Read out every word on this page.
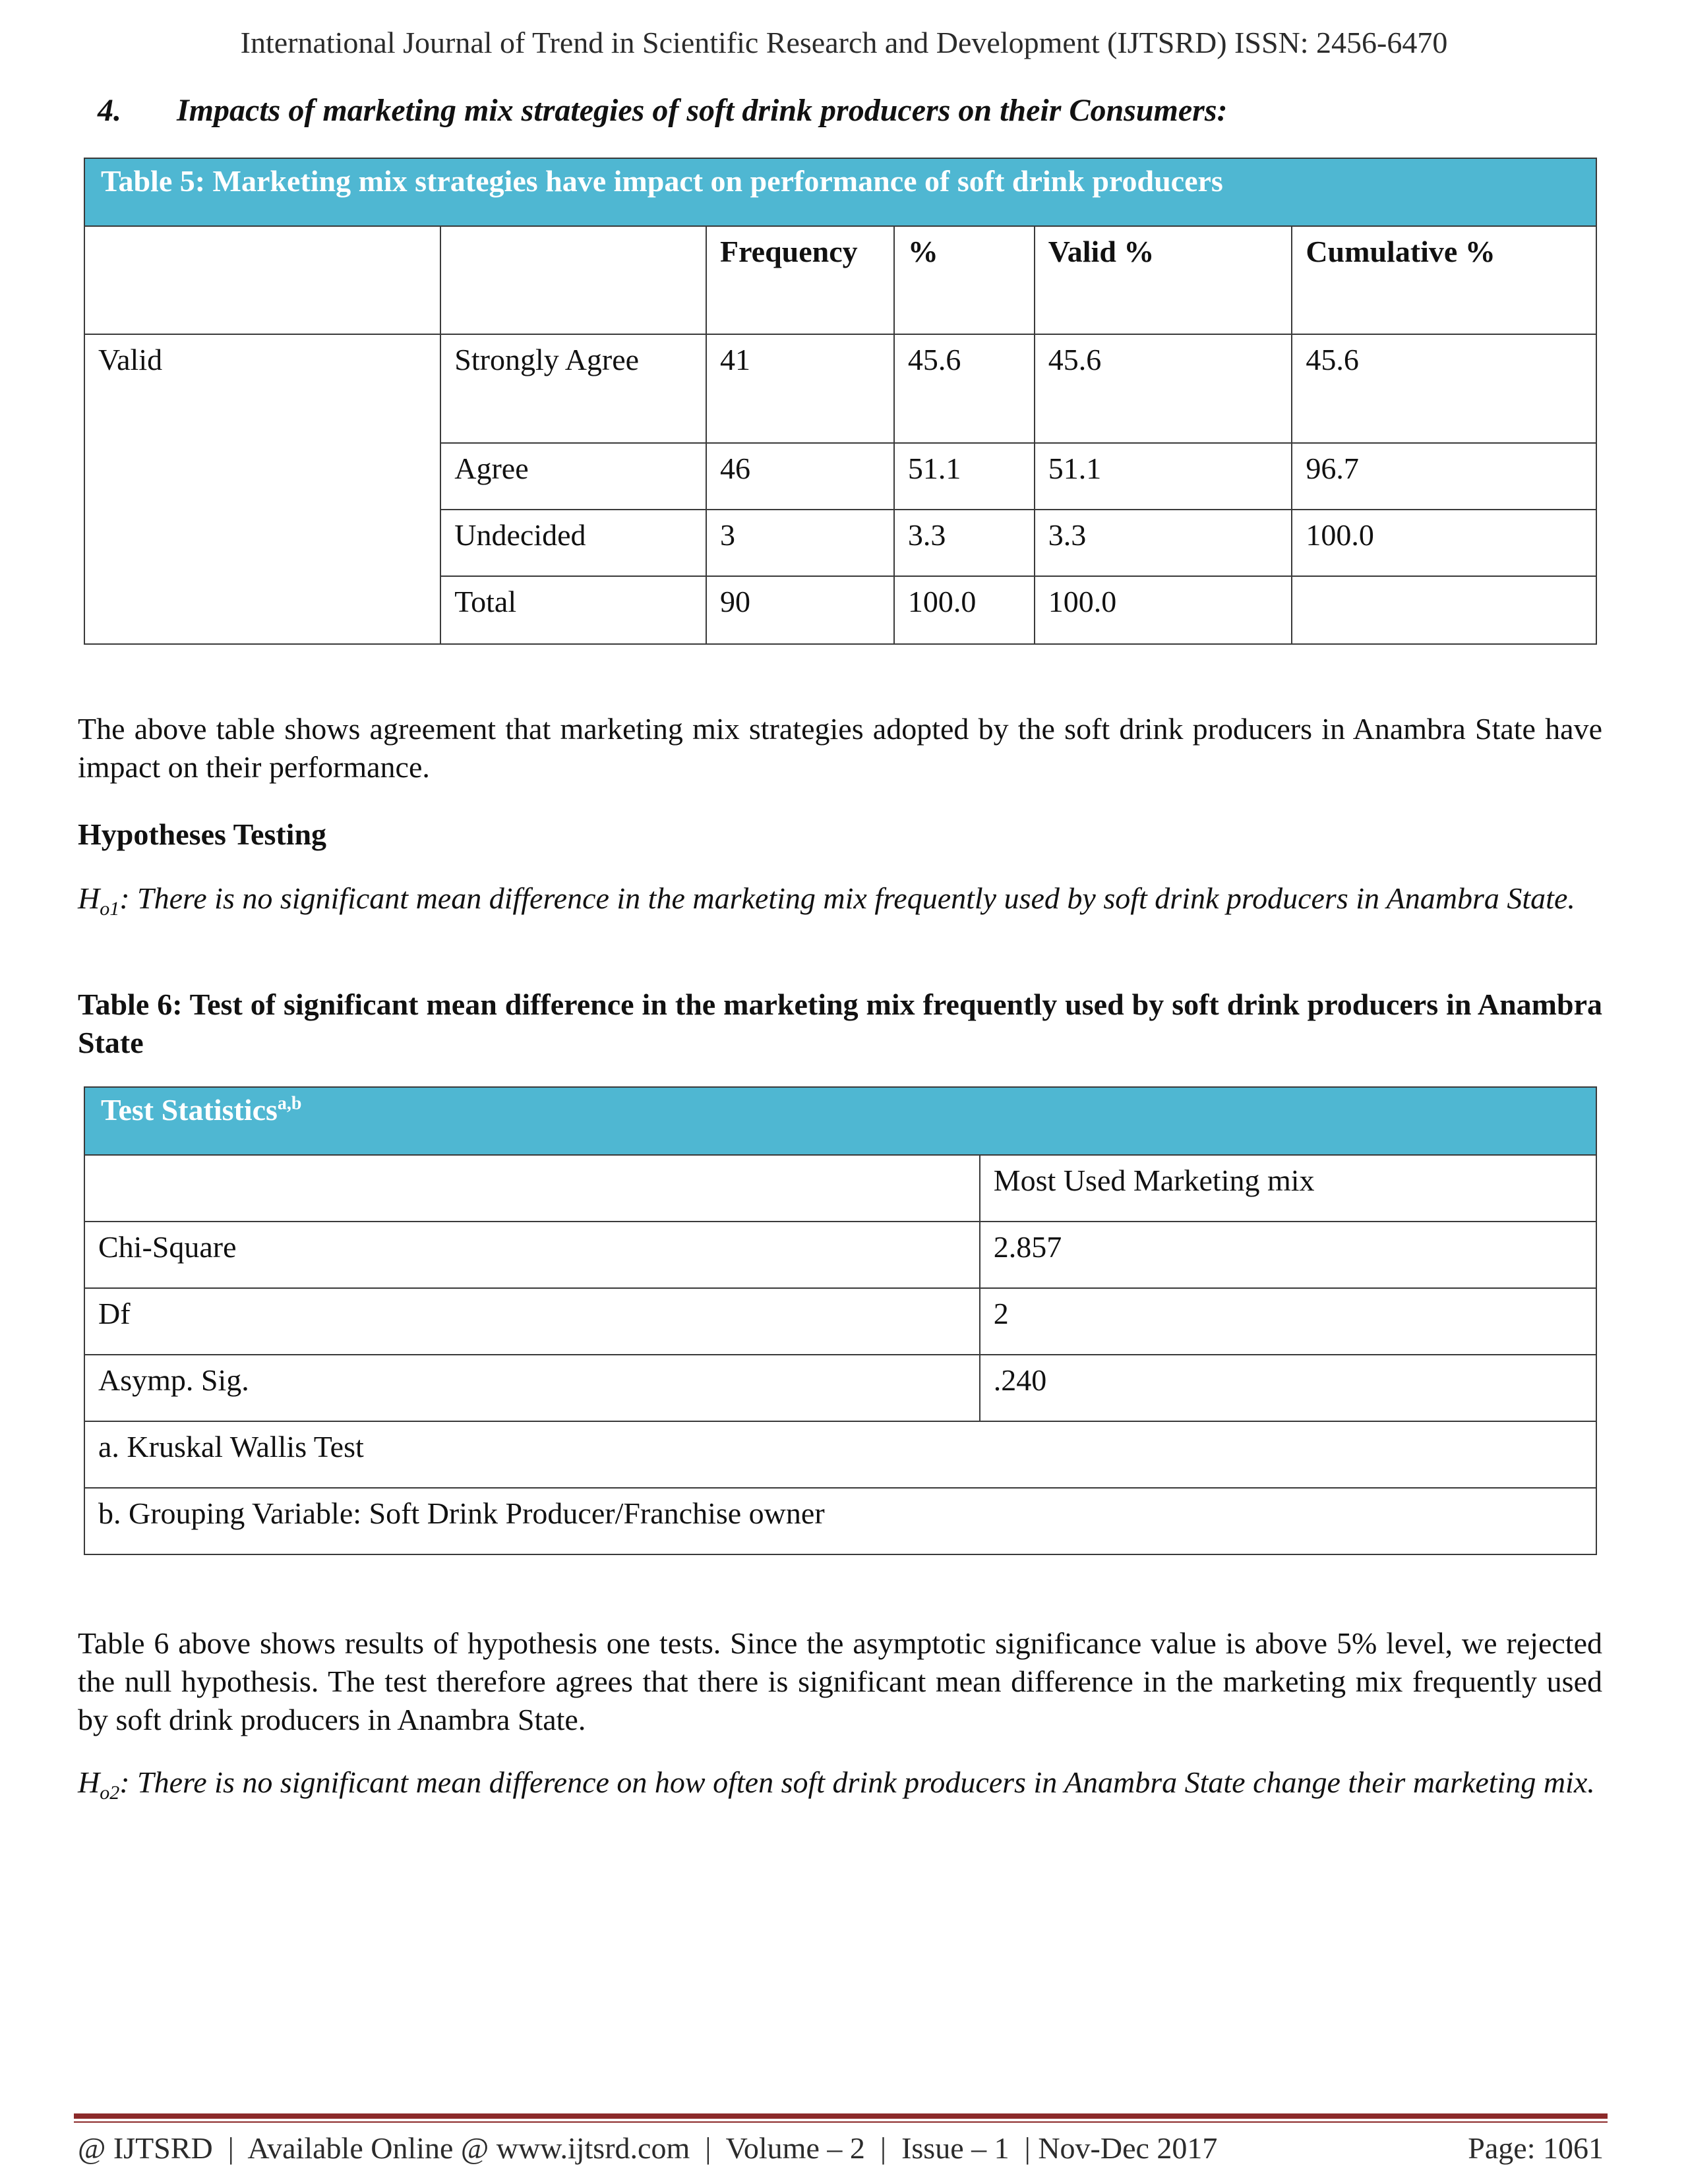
International Journal of Trend in Scientific Research and Development (IJTSRD) ISSN: 2456-6470
4. Impacts of marketing mix strategies of soft drink producers on their Consumers:
Table 5: Marketing mix strategies have impact on performance of soft drink producers					
		Frequency	%	Valid %	Cumulative %
Valid	Strongly Agree	41	45.6	45.6	45.6
	Agree	46	51.1	51.1	96.7
	Undecided	3	3.3	3.3	100.0
	Total	90	100.0	100.0	
The above table shows agreement that marketing mix strategies adopted by the soft drink producers in Anambra State have impact on their performance.
Hypotheses Testing
$H_{o1}$: There is no significant mean difference in the marketing mix frequently used by soft drink producers in Anambra State.
Table 6: Test of significant mean difference in the marketing mix frequently used by soft drink producers in Anambra State
Test Statistics$^{a,b}$
	Most Used Marketing mix
Chi-Square	2.857
Df	2
Asymp. Sig.	.240
a. Kruskal Wallis Test	
b. Grouping Variable: Soft Drink Producer/Franchise owner	
Table 6 above shows results of hypothesis one tests. Since the asymptotic significance value is above 5% level, we rejected the null hypothesis. The test therefore agrees that there is significant mean difference in the marketing mix frequently used by soft drink producers in Anambra State.
$H_{o2}$: There is no significant mean difference on how often soft drink producers in Anambra State change their marketing mix.
@ IJTSRD  |  Available Online @ www.ijtsrd.com  |  Volume – 2  |  Issue – 1  | Nov-Dec 2017	Page: 1061
